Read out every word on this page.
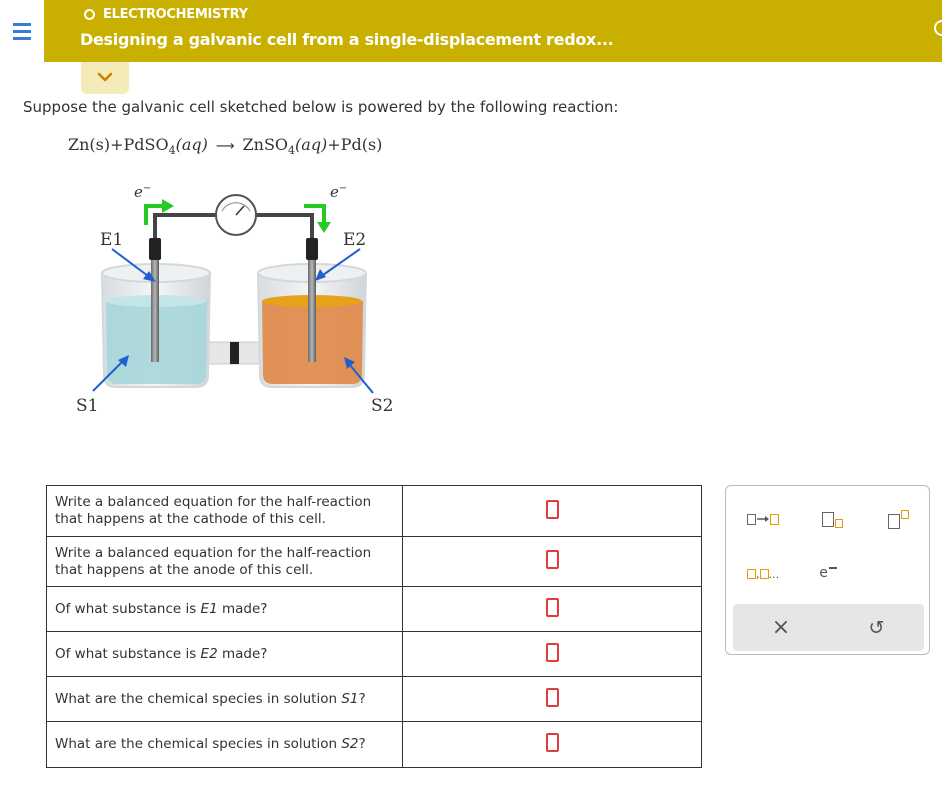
ELECTROCHEMISTRY
Designing a galvanic cell from a single-displacement redox...
Suppose the galvanic cell sketched below is powered by the following reaction:
Zn(s)+PdSO$_4$(aq) ⟶ ZnSO$_4$(aq)+Pd(s)
e−	e−
E1	E2
S1	S2
Write a balanced equation for the half-reaction that happens at the cathode of this cell.	
Write a balanced equation for the half-reaction that happens at the anode of this cell.	
Of what substance is E1 made?	
Of what substance is E2 made?	
What are the chemical species in solution S1?	
What are the chemical species in solution S2?	
, ...	e
×	↺
